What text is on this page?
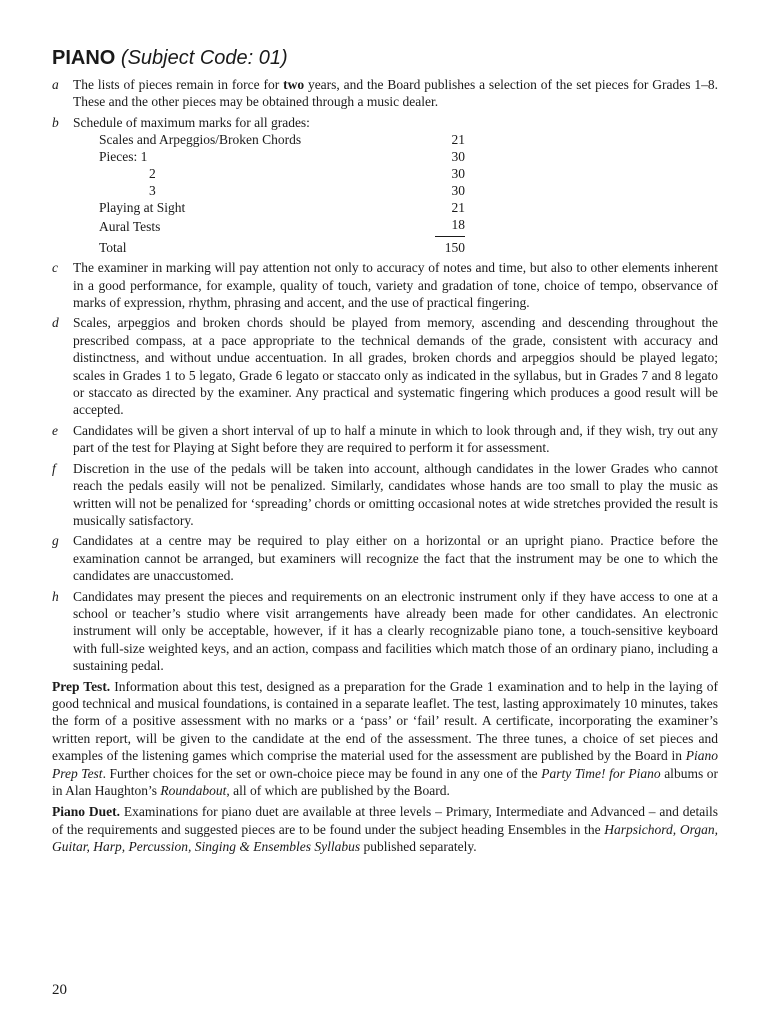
PIANO (Subject Code: 01)
a	The lists of pieces remain in force for two years, and the Board publishes a selection of the set pieces for Grades 1–8. These and the other pieces may be obtained through a music dealer.
b	Schedule of maximum marks for all grades:
Scales and Arpeggios/Broken Chords	21
Pieces: 1	30
2	30
3	30
Playing at Sight	21
Aural Tests	18
Total	150
c	The examiner in marking will pay attention not only to accuracy of notes and time, but also to other elements inherent in a good performance, for example, quality of touch, variety and gradation of tone, choice of tempo, observance of marks of expression, rhythm, phrasing and accent, and the use of practical fingering.
d	Scales, arpeggios and broken chords should be played from memory, ascending and descending throughout the prescribed compass, at a pace appropriate to the technical demands of the grade, consistent with accuracy and distinctness, and without undue accentuation. In all grades, broken chords and arpeggios should be played legato; scales in Grades 1 to 5 legato, Grade 6 legato or staccato only as indicated in the syllabus, but in Grades 7 and 8 legato or staccato as directed by the examiner. Any practical and systematic fingering which produces a good result will be accepted.
e	Candidates will be given a short interval of up to half a minute in which to look through and, if they wish, try out any part of the test for Playing at Sight before they are required to perform it for assessment.
f	Discretion in the use of the pedals will be taken into account, although candidates in the lower Grades who cannot reach the pedals easily will not be penalized. Similarly, candidates whose hands are too small to play the music as written will not be penalized for ‘spreading’ chords or omitting occasional notes at wide stretches provided the result is musically satisfactory.
g	Candidates at a centre may be required to play either on a horizontal or an upright piano. Practice before the examination cannot be arranged, but examiners will recognize the fact that the instrument may be one to which the candidates are unaccustomed.
h	Candidates may present the pieces and requirements on an electronic instrument only if they have access to one at a school or teacher’s studio where visit arrangements have already been made for other candidates. An electronic instrument will only be acceptable, however, if it has a clearly recognizable piano tone, a touch-sensitive keyboard with full-size weighted keys, and an action, compass and facilities which match those of an ordinary piano, including a sustaining pedal.

Prep Test. Information about this test, designed as a preparation for the Grade 1 examination and to help in the laying of good technical and musical foundations, is contained in a separate leaflet. The test, lasting approximately 10 minutes, takes the form of a positive assessment with no marks or a ‘pass’ or ‘fail’ result. A certificate, incorporating the examiner’s written report, will be given to the candidate at the end of the assessment. The three tunes, a choice of set pieces and examples of the listening games which comprise the material used for the assessment are published by the Board in Piano Prep Test. Further choices for the set or own-choice piece may be found in any one of the Party Time! for Piano albums or in Alan Haughton’s Roundabout, all of which are published by the Board.

Piano Duet. Examinations for piano duet are available at three levels – Primary, Intermediate and Advanced – and details of the requirements and suggested pieces are to be found under the subject heading Ensembles in the Harpsichord, Organ, Guitar, Harp, Percussion, Singing & Ensembles Syllabus published separately.

20
